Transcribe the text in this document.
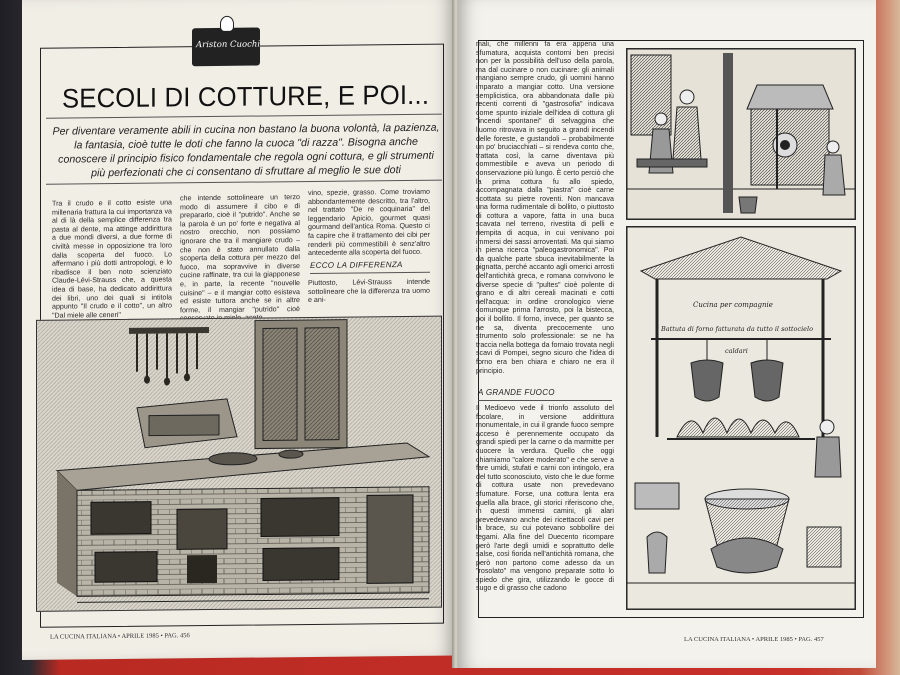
Ariston Cuochi
SECOLI DI COTTURE, E POI...
Per diventare veramente abili in cucina non bastano la buona volontà, la pazienza, la fantasia, cioè tutte le doti che fanno la cuoca "di razza". Bisogna anche conoscere il principio fisico fondamentale che regola ogni cottura, e gli strumenti più perfezionati che ci consentano di sfruttare al meglio le sue doti
Tra il crudo e il cotto esiste una millenaria frattura la cui importanza va al di là della semplice differenza tra pasta al dente, ma attinge addirittura a due mondi diversi, a due forme di civiltà messe in opposizione tra loro dalla scoperta del fuoco. Lo affermano i più dotti antropologi, e lo ribadisce il ben noto scienziato Claude-Lévi-Strauss che, a questa idea di base, ha dedicato addirittura dei libri, uno dei quali si intitola appunto "Il crudo e il cotto", un altro "Dal miele alle ceneri"
che intende sottolineare un terzo modo di assumere il cibo e di prepararlo, cioè il "putrido". Anche se la parola è un po' forte e negativa al nostro orecchio, non possiamo ignorare che tra il mangiare crudo – che non è stato annullato dalla scoperta della cottura per mezzo del fuoco, ma sopravvive in diverse cucine raffinate, tra cui la giapponese e, in parte, la recente "nouvelle cuisine" – e il mangiar cotto esisteva ed esiste tuttora anche se in altre forme, il mangiar "putrido" cioè
vino, spezie, grasso. Come troviamo abbondantemente descritto, tra l'altro, nel trattato "De re coquinaria" del leggendario Apicio, gourmet quasi gourmand dell'antica Roma. Questo ci fa capire che il trattamento dei cibi per renderli più commestibili è senz'altro antecedente alla scoperta del fuoco.
ECCO LA DIFFERENZA
Piuttosto, Lévi-Strauss intende sottolineare che la differenza tra uomo e ani-
LA CUCINA ITALIANA • APRILE 1985 • PAG. 456
mali, che millenni fa era appena una sfumatura, acquista contorni ben precisi non per la possibilità dell'uso della parola, ma dal cucinare o non cucinare: gli animali mangiano sempre crudo, gli uomini hanno imparato a mangiar cotto. Una versione semplicistica, ora abbandonata dalle più recenti correnti di "gastrosofia" indicava come spunto iniziale dell'idea di cottura gli "incendi spontanei" di selvaggina che l'uomo ritrovava in seguito a grandi incendi delle foreste, e gustandoli – probabilmente un po' bruciacchiati – si rendeva conto che, trattata così, la carne diventava più commestibile e aveva un periodo di conservazione più lungo. È certo perciò che la prima cottura fu allo spiedo, accompagnata dalla "piastra" cioè carne scottata su pietre roventi. Non mancava una forma rudimentale di bollito, o piuttosto di cottura a vapore, fatta in una buca scavata nel terreno, rivestita di pelli e riempita di acqua, in cui venivano poi immersi dei sassi arroventati. Ma qui siamo in piena ricerca "paleogastronomica". Poi da qualche parte sbuca inevitabilmente la pignatta, perché accanto agli omerici arrosti dell'antichità greca, e romana convivono le diverse specie di "pultes" cioè polente di grano e di altri cereali macinati e cotti nell'acqua: in ordine cronologico viene comunque prima l'arrosto, poi la bistecca, poi il bollito. Il forno, invece, per quanto se ne sa, diventa precocemente uno strumento solo professionale: se ne ha traccia nella bottega da fornaio trovata negli scavi di Pompei, segno sicuro che l'idea di forno era ben chiara e chiaro ne era il principio.
A GRANDE FUOCO
Il Medioevo vede il trionfo assoluto del focolare, in versione addirittura monumentale, in cui il grande fuoco sempre acceso è perennemente occupato da grandi spiedi per la carne o da marmitte per cuocere la verdura. Quello che oggi chiamiamo "calore moderato" e che serve a fare umidi, stufati e carni con intingolo, era del tutto sconosciuto, visto che le due forme di cottura usate non prevedevano sfumature. Forse, una cottura lenta era quella alla brace, gli storici riferiscono che, in questi immensi camini, gli alari prevedevano anche dei ricettacoli cavi per la brace, su cui potevano sobbollire dei tegami. Alla fine del Duecento ricompare però l'arte degli umidi e soprattutto delle salse, così fiorida nell'antichità romana, che però non partono come adesso da un "rosolato" ma vengono preparate sotto lo spiedo che gira, utilizzando le gocce di sugo e di grasso che cadono
Cucina per compagnie
Battuta di forno fatturata da tutto il sottocielo
caldari
LA CUCINA ITALIANA • APRILE 1985 • PAG. 457
